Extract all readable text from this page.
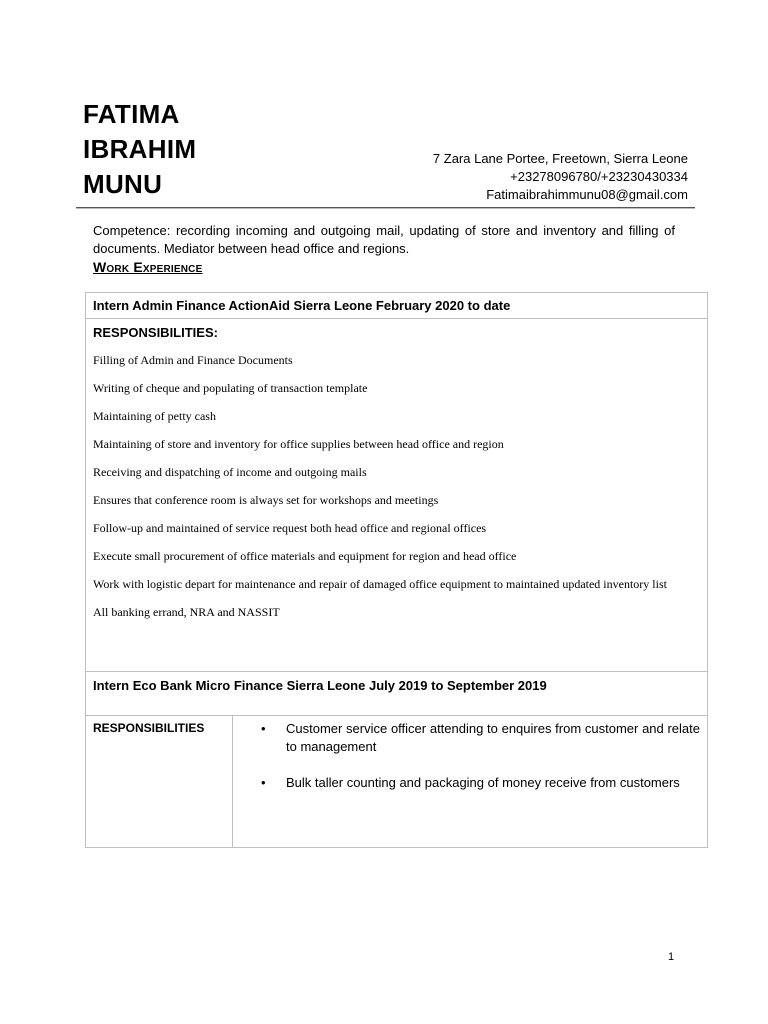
FATIMA
IBRAHIM
MUNU
7 Zara Lane Portee, Freetown, Sierra Leone
+23278096780/+23230430334
Fatimaibrahimmunu08@gmail.com
Competence: recording incoming and outgoing mail, updating of store and inventory and filling of documents. Mediator between head office and regions.
Work Experience
Intern Admin Finance ActionAid Sierra Leone February 2020 to date
RESPONSIBILITIES:
Filling of Admin and Finance Documents
Writing of cheque and populating of transaction template
Maintaining of petty cash
Maintaining of store and inventory for office supplies between head office and region
Receiving and dispatching of income and outgoing mails
Ensures that conference room is always set for workshops and meetings
Follow-up and maintained of service request both head office and regional offices
Execute small procurement of office materials and equipment for region and head office
Work with logistic depart for maintenance and repair of damaged office equipment to maintained updated inventory list
All banking errand, NRA and NASSIT
Intern Eco Bank Micro Finance Sierra Leone July 2019 to September 2019
RESPONSIBILITIES	• Customer service officer attending to enquires from customer and relate to management
• Bulk taller counting and packaging of money receive from customers
1
